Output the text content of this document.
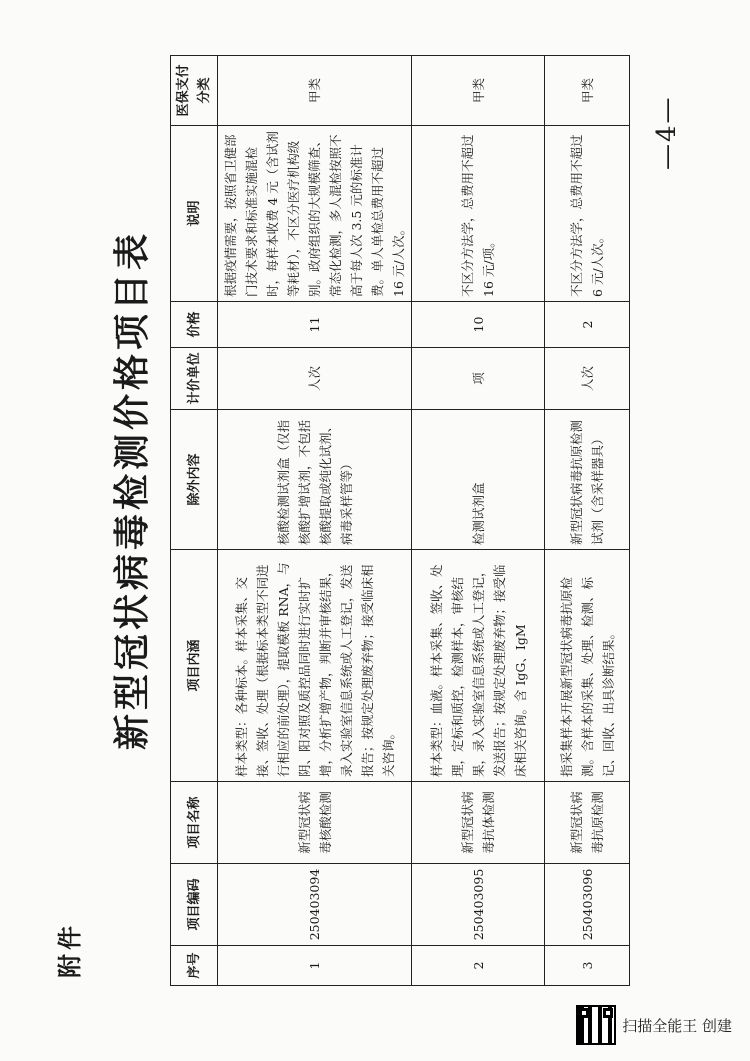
附件
新型冠状病毒检测价格项目表
序号	项目编码	项目名称	项目内涵	除外内容	计价单位	价格	说明	医保支付分类
1	250403094	新型冠状病毒核酸检测	样本类型：各种标本。样本采集、交接、签收、处理（根据标本类型不同进行相应的前处理），提取模板 RNA，与阴、阳对照及质控品同时进行实时扩增，分析扩增产物，判断并审核结果，录入实验室信息系统或人工登记，发送报告；按规定处理废弃物；接受临床相关咨询。	核酸检测试剂盒（仅指核酸扩增试剂，不包括核酸提取或纯化试剂、病毒采样管等）	人次	11	根据疫情需要，按照省卫健部门技术要求和标准实施混检时，每样本收费 4 元（含试剂等耗材），不区分医疗机构级别。政府组织的大规模筛查、常态化检测，多人混检按照不高于每人次 3.5 元的标准计费。单人单检总费用不超过 16 元/人次。	甲类
2	250403095	新型冠状病毒抗体检测	样本类型：血液。样本采集、签收、处理，定标和质控，检测样本，审核结果，录入实验室信息系统或人工登记，发送报告；按规定处理废弃物；接受临床相关咨询。含 IgG、IgM	检测试剂盒	项	10	不区分方法学，总费用不超过 16 元/项。	甲类
3	250403096	新型冠状病毒抗原检测	指采集样本开展新型冠状病毒抗原检测。含样本的采集、处理、检测、标记、回收、出具诊断结果。	新型冠状病毒抗原检测试剂（含采样器具）	人次	2	不区分方法学，总费用不超过 6 元/人次。	甲类
—4—
扫描全能王 创建
